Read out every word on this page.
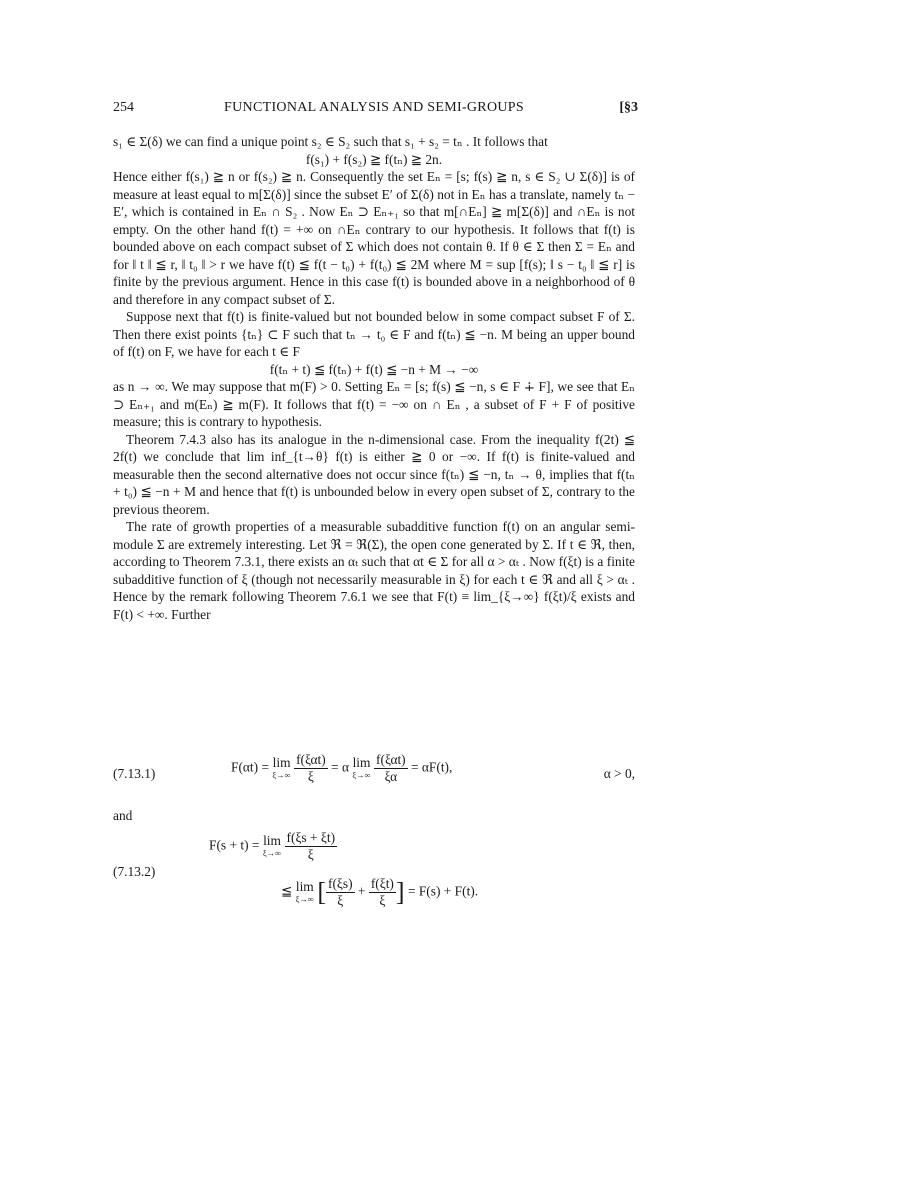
254	FUNCTIONAL ANALYSIS AND SEMI-GROUPS	[§3

s₁ ∈ Σ(δ) we can find a unique point s₂ ∈ S₂ such that s₁ + s₂ = tₙ . It follows that

f(s₁) + f(s₂) ≧ f(tₙ) ≧ 2n.

Hence either f(s₁) ≧ n or f(s₂) ≧ n. Consequently the set Eₙ = [s; f(s) ≧ n, s ∈ S₂ ∪ Σ(δ)] is of measure at least equal to m[Σ(δ)] since the subset E′ of Σ(δ) not in Eₙ has a translate, namely tₙ − E′, which is contained in Eₙ ∩ S₂ . Now Eₙ ⊃ Eₙ₊₁ so that m[∩Eₙ] ≧ m[Σ(δ)] and ∩Eₙ is not empty. On the other hand f(t) = +∞ on ∩Eₙ contrary to our hypothesis. It follows that f(t) is bounded above on each compact subset of Σ which does not contain θ. If θ ∈ Σ then Σ = Eₙ and for ‖ t ‖ ≦ r, ‖ t₀ ‖ > r we have f(t) ≦ f(t − t₀) + f(t₀) ≦ 2M where M = sup [f(s); ‖ s − t₀ ‖ ≦ r] is finite by the previous argument. Hence in this case f(t) is bounded above in a neighborhood of θ and therefore in any compact subset of Σ.

Suppose next that f(t) is finite-valued but not bounded below in some compact subset F of Σ. Then there exist points {tₙ} ⊂ F such that tₙ → t₀ ∈ F and f(tₙ) ≦ −n. M being an upper bound of f(t) on F, we have for each t ∈ F

f(tₙ + t) ≦ f(tₙ) + f(t) ≦ −n + M → −∞

as n → ∞. We may suppose that m(F) > 0. Setting Eₙ = [s; f(s) ≦ −n, s ∈ F ∔ F], we see that Eₙ ⊃ Eₙ₊₁ and m(Eₙ) ≧ m(F). It follows that f(t) = −∞ on ∩ Eₙ , a subset of F + F of positive measure; this is contrary to hypothesis.

Theorem 7.4.3 also has its analogue in the n-dimensional case. From the inequality f(2t) ≦ 2f(t) we conclude that lim inf_{t→θ} f(t) is either ≧ 0 or −∞. If f(t) is finite-valued and measurable then the second alternative does not occur since f(tₙ) ≦ −n, tₙ → θ, implies that f(tₙ + t₀) ≦ −n + M and hence that f(t) is unbounded below in every open subset of Σ, contrary to the previous theorem.

The rate of growth properties of a measurable subadditive function f(t) on an angular semi-module Σ are extremely interesting. Let ℜ = ℜ(Σ), the open cone generated by Σ. If t ∈ ℜ, then, according to Theorem 7.3.1, there exists an αₜ such that αt ∈ Σ for all α > αₜ . Now f(ξt) is a finite subadditive function of ξ (though not necessarily measurable in ξ) for each t ∈ ℜ and all ξ > αₜ . Hence by the remark following Theorem 7.6.1 we see that F(t) ≡ lim_{ξ→∞} f(ξt)/ξ exists and F(t) < +∞. Further

(7.13.1)	F(αt) = lim
ξ→∞
$\frac{\text{f(ξαt)}}{\xi} = \alpha$ lim
ξ→∞
$\frac{\text{f(ξαt)}}{\xi\alpha} = \alpha F(t)$,	α > 0,
and
(7.13.2)
F(s + t) = lim
ξ→∞
$\frac{f(\xi s + \xi t)}{\xi}$
≦ lim
ξ→∞ [ $\frac{f(\xi s)}{\xi} + \frac{f(\xi t)}{\xi}$ ] = F(s) + F(t).
